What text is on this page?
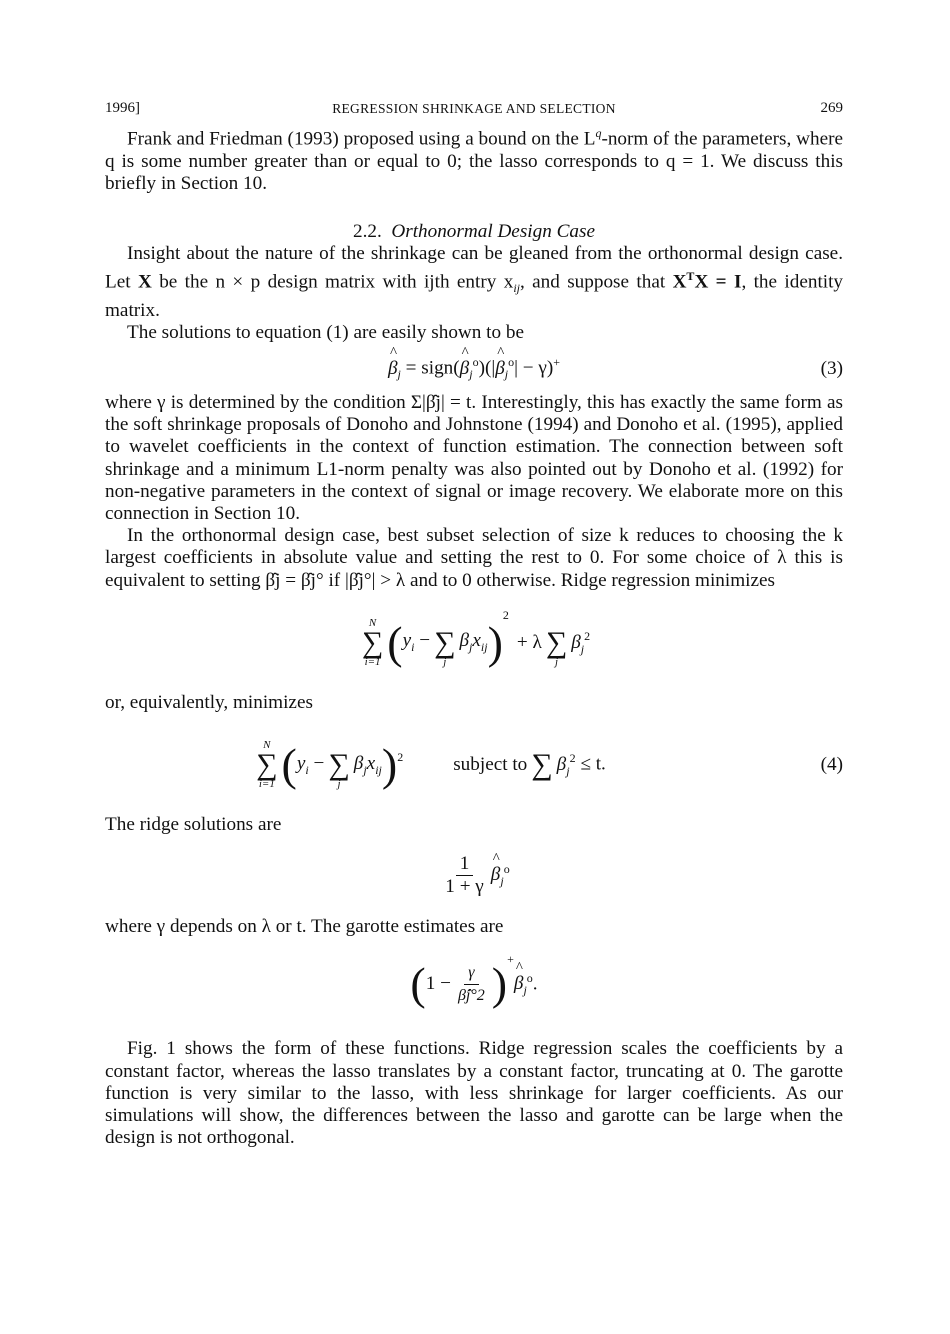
1996]	REGRESSION SHRINKAGE AND SELECTION	269

Frank and Friedman (1993) proposed using a bound on the $L^q$-norm of the parameters, where q is some number greater than or equal to 0; the lasso corresponds to q = 1. We discuss this briefly in Section 10.

2.2. Orthonormal Design Case

Insight about the nature of the shrinkage can be gleaned from the orthonormal design case. Let X be the n × p design matrix with ijth entry $x_{ij}$, and suppose that $X^TX = I$, the identity matrix.

The solutions to equation (1) are easily shown to be

^ $\beta_j$ = sign(^ $\beta_j^o)(|\^{}$ $\beta_j^o| - \gamma)^+$	(3)

where γ is determined by the condition Σ|β̂j| = t. Interestingly, this has exactly the same form as the soft shrinkage proposals of Donoho and Johnstone (1994) and Donoho et al. (1995), applied to wavelet coefficients in the context of function estimation. The connection between soft shrinkage and a minimum L1-norm penalty was also pointed out by Donoho et al. (1992) for non-negative parameters in the context of signal or image recovery. We elaborate more on this connection in Section 10.

In the orthonormal design case, best subset selection of size k reduces to choosing the k largest coefficients in absolute value and setting the rest to 0. For some choice of λ this is equivalent to setting β̂j = β̂j° if |β̂j°| > λ and to 0 otherwise. Ridge regression minimizes

N
∑
i=1 ( $y_i$ −
∑
j
$\beta_jx_{ij}$ )
$^2$
+ λ
∑
j
$\beta_j^2$

or, equivalently, minimizes

N
∑
i=1 ( $y_i$ −
∑
j
$\beta_jx_{ij}$ )$^2$	subject to
∑
$\beta_j^2 \le t$.	(4)

The ridge solutions are

$\frac{1}{1 + \gamma}$
^ $\beta_j^o$

where γ depends on λ or t. The garotte estimates are

( $1 - \frac{\gamma}{\betâj^\circ 2} )^+$
^ $\beta_j^o$.

Fig. 1 shows the form of these functions. Ridge regression scales the coefficients by a constant factor, whereas the lasso translates by a constant factor, truncating at 0. The garotte function is very similar to the lasso, with less shrinkage for larger coefficients. As our simulations will show, the differences between the lasso and garotte can be large when the design is not orthogonal.
